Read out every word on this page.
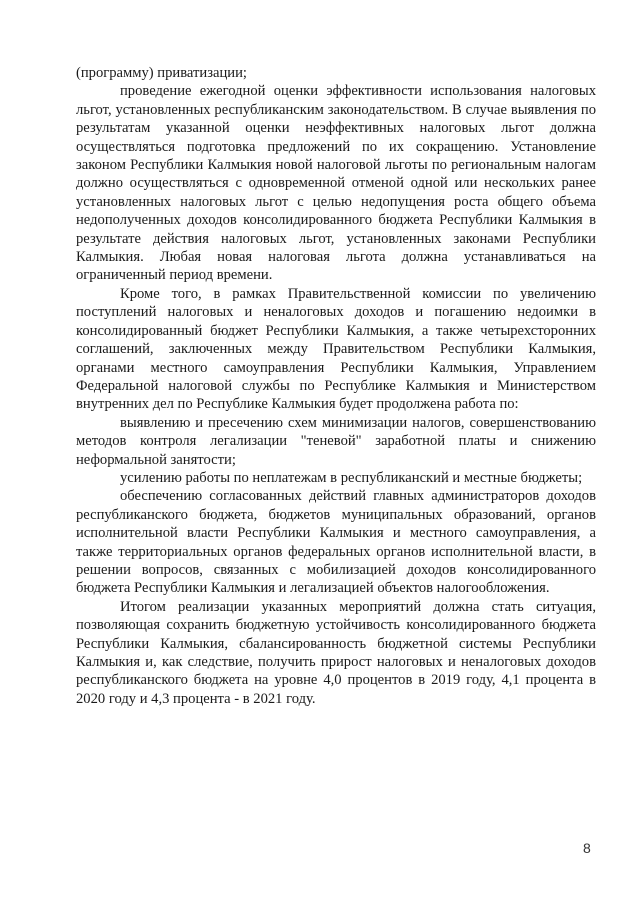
(программу) приватизации;

проведение ежегодной оценки эффективности использования налоговых льгот, установленных республиканским законодательством. В случае выявления по результатам указанной оценки неэффективных налоговых льгот должна осуществляться подготовка предложений по их сокращению. Установление законом Республики Калмыкия новой налоговой льготы по региональным налогам должно осуществляться с одновременной отменой одной или нескольких ранее установленных налоговых льгот с целью недопущения роста общего объема недополученных доходов консолидированного бюджета Республики Калмыкия в результате действия налоговых льгот, установленных законами Республики Калмыкия. Любая новая налоговая льгота должна устанавливаться на ограниченный период времени.

Кроме того, в рамках Правительственной комиссии по увеличению поступлений налоговых и неналоговых доходов и погашению недоимки в консолидированный бюджет Республики Калмыкия, а также четырехсторонних соглашений, заключенных между Правительством Республики Калмыкия, органами местного самоуправления Республики Калмыкия, Управлением Федеральной налоговой службы по Республике Калмыкия и Министерством внутренних дел по Республике Калмыкия будет продолжена работа по:

выявлению и пресечению схем минимизации налогов, совершенствованию методов контроля легализации "теневой" заработной платы и снижению неформальной занятости;

усилению работы по неплатежам в республиканский и местные бюджеты;

обеспечению согласованных действий главных администраторов доходов республиканского бюджета, бюджетов муниципальных образований, органов исполнительной власти Республики Калмыкия и местного самоуправления, а также территориальных органов федеральных органов исполнительной власти, в решении вопросов, связанных с мобилизацией доходов консолидированного бюджета Республики Калмыкия и легализацией объектов налогообложения.

Итогом реализации указанных мероприятий должна стать ситуация, позволяющая сохранить бюджетную устойчивость консолидированного бюджета Республики Калмыкия, сбалансированность бюджетной системы Республики Калмыкия и, как следствие, получить прирост налоговых и неналоговых доходов республиканского бюджета на уровне 4,0 процентов в 2019 году, 4,1 процента в 2020 году и 4,3 процента - в 2021 году.

8
